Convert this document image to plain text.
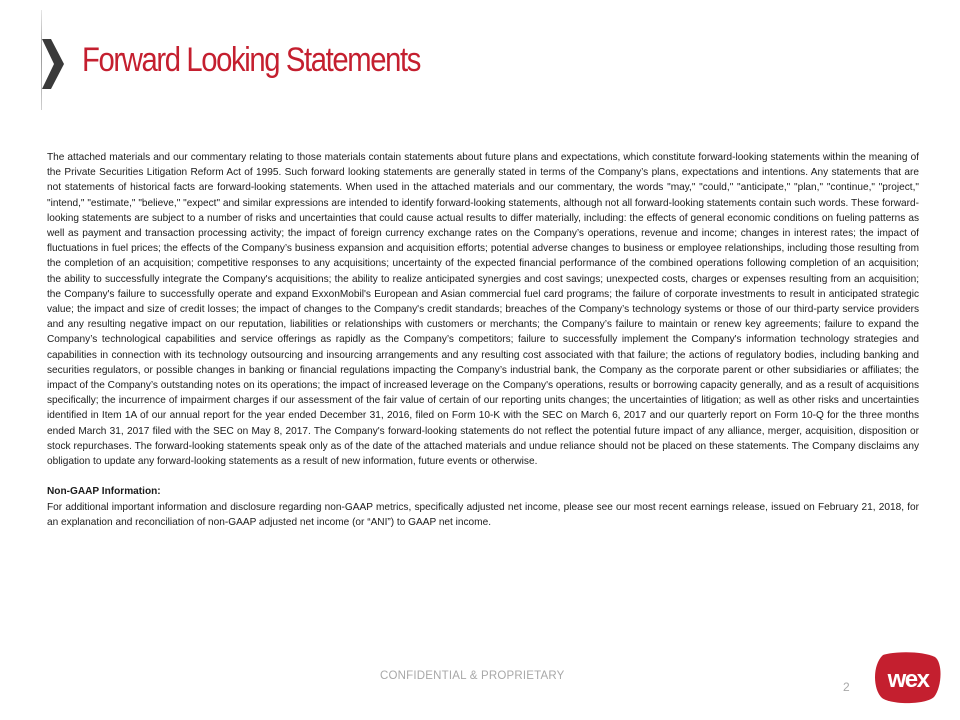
Forward Looking Statements

The attached materials and our commentary relating to those materials contain statements about future plans and expectations, which constitute forward-looking statements within the meaning of the Private Securities Litigation Reform Act of 1995. Such forward looking statements are generally stated in terms of the Company’s plans, expectations and intentions. Any statements that are not statements of historical facts are forward-looking statements. When used in the attached materials and our commentary, the words "may," "could," "anticipate," "plan," "continue," "project," "intend," "estimate," "believe," "expect" and similar expressions are intended to identify forward-looking statements, although not all forward-looking statements contain such words. These forward-looking statements are subject to a number of risks and uncertainties that could cause actual results to differ materially, including: the effects of general economic conditions on fueling patterns as well as payment and transaction processing activity; the impact of foreign currency exchange rates on the Company’s operations, revenue and income; changes in interest rates; the impact of fluctuations in fuel prices; the effects of the Company’s business expansion and acquisition efforts; potential adverse changes to business or employee relationships, including those resulting from the completion of an acquisition; competitive responses to any acquisitions; uncertainty of the expected financial performance of the combined operations following completion of an acquisition; the ability to successfully integrate the Company's acquisitions; the ability to realize anticipated synergies and cost savings; unexpected costs, charges or expenses resulting from an acquisition; the Company's failure to successfully operate and expand ExxonMobil's European and Asian commercial fuel card programs; the failure of corporate investments to result in anticipated strategic value; the impact and size of credit losses; the impact of changes to the Company's credit standards; breaches of the Company’s technology systems or those of our third-party service providers and any resulting negative impact on our reputation, liabilities or relationships with customers or merchants; the Company’s failure to maintain or renew key agreements; failure to expand the Company’s technological capabilities and service offerings as rapidly as the Company’s competitors; failure to successfully implement the Company's information technology strategies and capabilities in connection with its technology outsourcing and insourcing arrangements and any resulting cost associated with that failure; the actions of regulatory bodies, including banking and securities regulators, or possible changes in banking or financial regulations impacting the Company’s industrial bank, the Company as the corporate parent or other subsidiaries or affiliates; the impact of the Company’s outstanding notes on its operations; the impact of increased leverage on the Company's operations, results or borrowing capacity generally, and as a result of acquisitions specifically; the incurrence of impairment charges if our assessment of the fair value of certain of our reporting units changes; the uncertainties of litigation; as well as other risks and uncertainties identified in Item 1A of our annual report for the year ended December 31, 2016, filed on Form 10-K with the SEC on March 6, 2017 and our quarterly report on Form 10-Q for the three months ended March 31, 2017 filed with the SEC on May 8, 2017. The Company's forward-looking statements do not reflect the potential future impact of any alliance, merger, acquisition, disposition or stock repurchases. The forward-looking statements speak only as of the date of the attached materials and undue reliance should not be placed on these statements. The Company disclaims any obligation to update any forward-looking statements as a result of new information, future events or otherwise.

Non-GAAP Information:

For additional important information and disclosure regarding non-GAAP metrics, specifically adjusted net income, please see our most recent earnings release, issued on February 21, 2018, for an explanation and reconciliation of non-GAAP adjusted net income (or “ANI”) to GAAP net income.

CONFIDENTIAL & PROPRIETARY
2 wex
